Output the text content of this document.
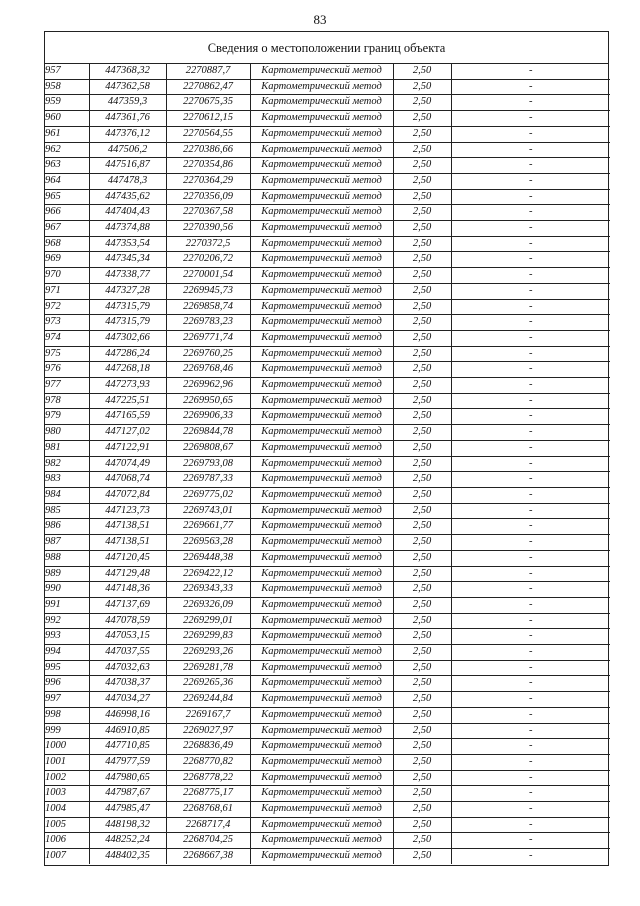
83
Сведения о местоположении границ объекта
957	447368,32	2270887,7	Картометрический метод	2,50	-
958	447362,58	2270862,47	Картометрический метод	2,50	-
959	447359,3	2270675,35	Картометрический метод	2,50	-
960	447361,76	2270612,15	Картометрический метод	2,50	-
961	447376,12	2270564,55	Картометрический метод	2,50	-
962	447506,2	2270386,66	Картометрический метод	2,50	-
963	447516,87	2270354,86	Картометрический метод	2,50	-
964	447478,3	2270364,29	Картометрический метод	2,50	-
965	447435,62	2270356,09	Картометрический метод	2,50	-
966	447404,43	2270367,58	Картометрический метод	2,50	-
967	447374,88	2270390,56	Картометрический метод	2,50	-
968	447353,54	2270372,5	Картометрический метод	2,50	-
969	447345,34	2270206,72	Картометрический метод	2,50	-
970	447338,77	2270001,54	Картометрический метод	2,50	-
971	447327,28	2269945,73	Картометрический метод	2,50	-
972	447315,79	2269858,74	Картометрический метод	2,50	-
973	447315,79	2269783,23	Картометрический метод	2,50	-
974	447302,66	2269771,74	Картометрический метод	2,50	-
975	447286,24	2269760,25	Картометрический метод	2,50	-
976	447268,18	2269768,46	Картометрический метод	2,50	-
977	447273,93	2269962,96	Картометрический метод	2,50	-
978	447225,51	2269950,65	Картометрический метод	2,50	-
979	447165,59	2269906,33	Картометрический метод	2,50	-
980	447127,02	2269844,78	Картометрический метод	2,50	-
981	447122,91	2269808,67	Картометрический метод	2,50	-
982	447074,49	2269793,08	Картометрический метод	2,50	-
983	447068,74	2269787,33	Картометрический метод	2,50	-
984	447072,84	2269775,02	Картометрический метод	2,50	-
985	447123,73	2269743,01	Картометрический метод	2,50	-
986	447138,51	2269661,77	Картометрический метод	2,50	-
987	447138,51	2269563,28	Картометрический метод	2,50	-
988	447120,45	2269448,38	Картометрический метод	2,50	-
989	447129,48	2269422,12	Картометрический метод	2,50	-
990	447148,36	2269343,33	Картометрический метод	2,50	-
991	447137,69	2269326,09	Картометрический метод	2,50	-
992	447078,59	2269299,01	Картометрический метод	2,50	-
993	447053,15	2269299,83	Картометрический метод	2,50	-
994	447037,55	2269293,26	Картометрический метод	2,50	-
995	447032,63	2269281,78	Картометрический метод	2,50	-
996	447038,37	2269265,36	Картометрический метод	2,50	-
997	447034,27	2269244,84	Картометрический метод	2,50	-
998	446998,16	2269167,7	Картометрический метод	2,50	-
999	446910,85	2269027,97	Картометрический метод	2,50	-
1000	447710,85	2268836,49	Картометрический метод	2,50	-
1001	447977,59	2268770,82	Картометрический метод	2,50	-
1002	447980,65	2268778,22	Картометрический метод	2,50	-
1003	447987,67	2268775,17	Картометрический метод	2,50	-
1004	447985,47	2268768,61	Картометрический метод	2,50	-
1005	448198,32	2268717,4	Картометрический метод	2,50	-
1006	448252,24	2268704,25	Картометрический метод	2,50	-
1007	448402,35	2268667,38	Картометрический метод	2,50	-
